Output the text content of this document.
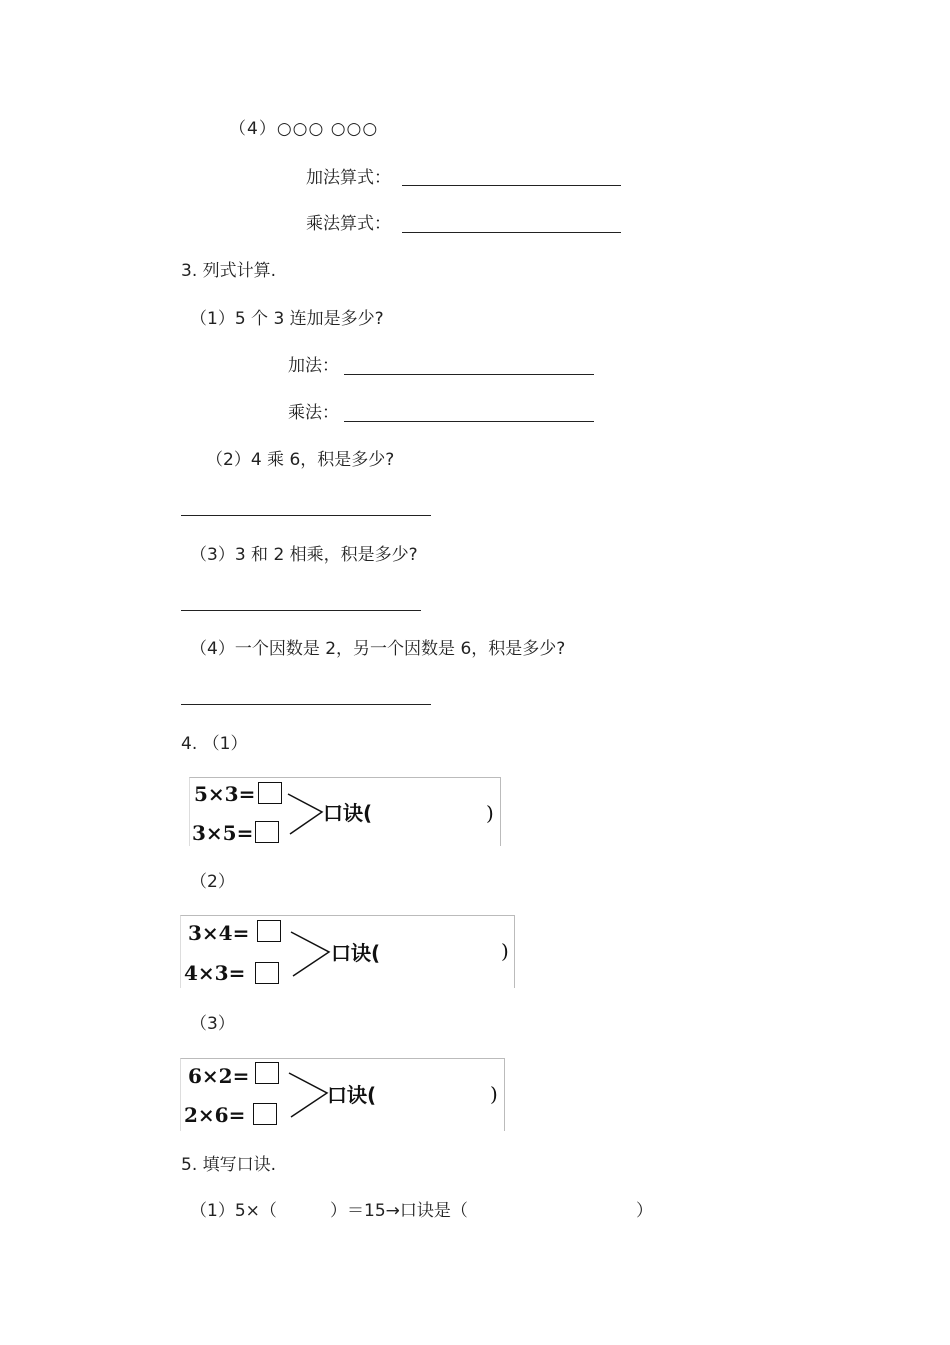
（4）○○○ ○○○
加法算式：
乘法算式：
3. 列式计算.
（1）5 个 3 连加是多少?
加法：
乘法：
（2）4 乘 6，积是多少?
（3）3 和 2 相乘，积是多少?
（4）一个因数是 2，另一个因数是 6，积是多少?
4. （1）
5×3=
3×5=
口诀(	)
（2）
3×4=
4×3=
口诀(	)
（3）
6×2=
2×6=
口诀(	)
5. 填写口诀.
（1）5×（	）＝15→口诀是（	）
